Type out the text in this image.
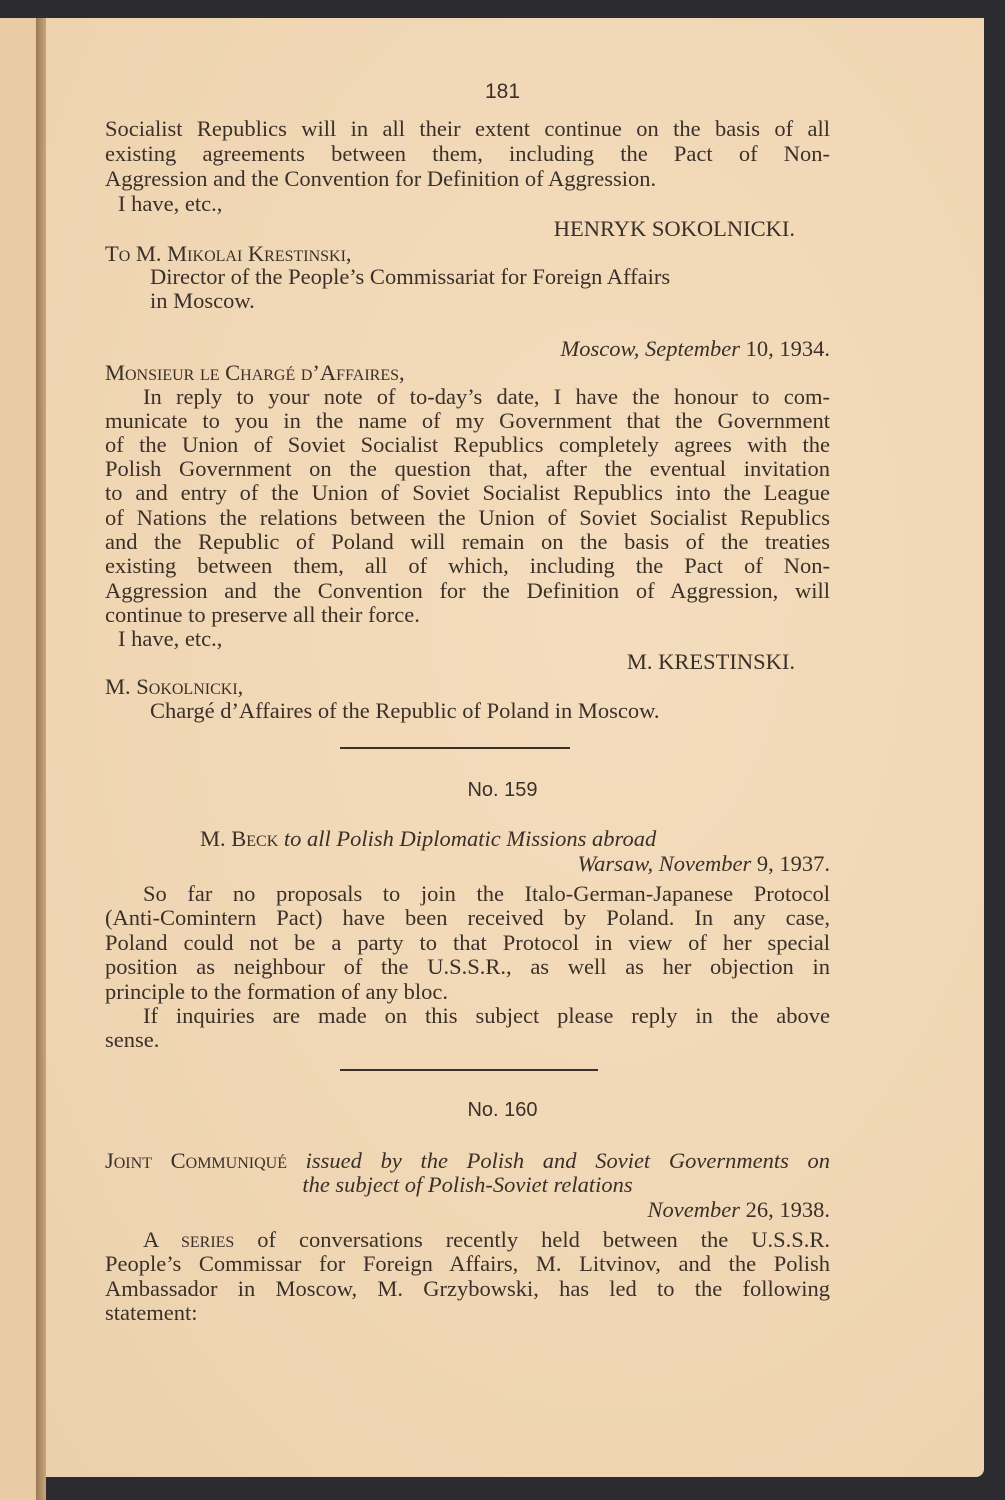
181
Socialist Republics will in all their extent continue on the basis of all
existing agreements between them, including the Pact of Non-
Aggression and the Convention for Definition of Aggression.
I have, etc.,
HENRYK SOKOLNICKI.
To M. Mikolai Krestinski,
Director of the People’s Commissariat for Foreign Affairs
in Moscow.
Moscow, September 10, 1934.
Monsieur le Chargé d’Affaires,
In reply to your note of to-day’s date, I have the honour to com-
municate to you in the name of my Government that the Government
of the Union of Soviet Socialist Republics completely agrees with the
Polish Government on the question that, after the eventual invitation
to and entry of the Union of Soviet Socialist Republics into the League
of Nations the relations between the Union of Soviet Socialist Republics
and the Republic of Poland will remain on the basis of the treaties
existing between them, all of which, including the Pact of Non-
Aggression and the Convention for the Definition of Aggression, will
continue to preserve all their force.
I have, etc.,
M. KRESTINSKI.
M. Sokolnicki,
Chargé d’Affaires of the Republic of Poland in Moscow.
No. 159
M. Beck to all Polish Diplomatic Missions abroad
Warsaw, November 9, 1937.
So far no proposals to join the Italo-German-Japanese Protocol
(Anti-Comintern Pact) have been received by Poland. In any case,
Poland could not be a party to that Protocol in view of her special
position as neighbour of the U.S.S.R., as well as her objection in
principle to the formation of any bloc.
If inquiries are made on this subject please reply in the above
sense.
No. 160
Joint Communiqué issued by the Polish and Soviet Governments on
the subject of Polish-Soviet relations
November 26, 1938.
A series of conversations recently held between the U.S.S.R.
People’s Commissar for Foreign Affairs, M. Litvinov, and the Polish
Ambassador in Moscow, M. Grzybowski, has led to the following
statement:
